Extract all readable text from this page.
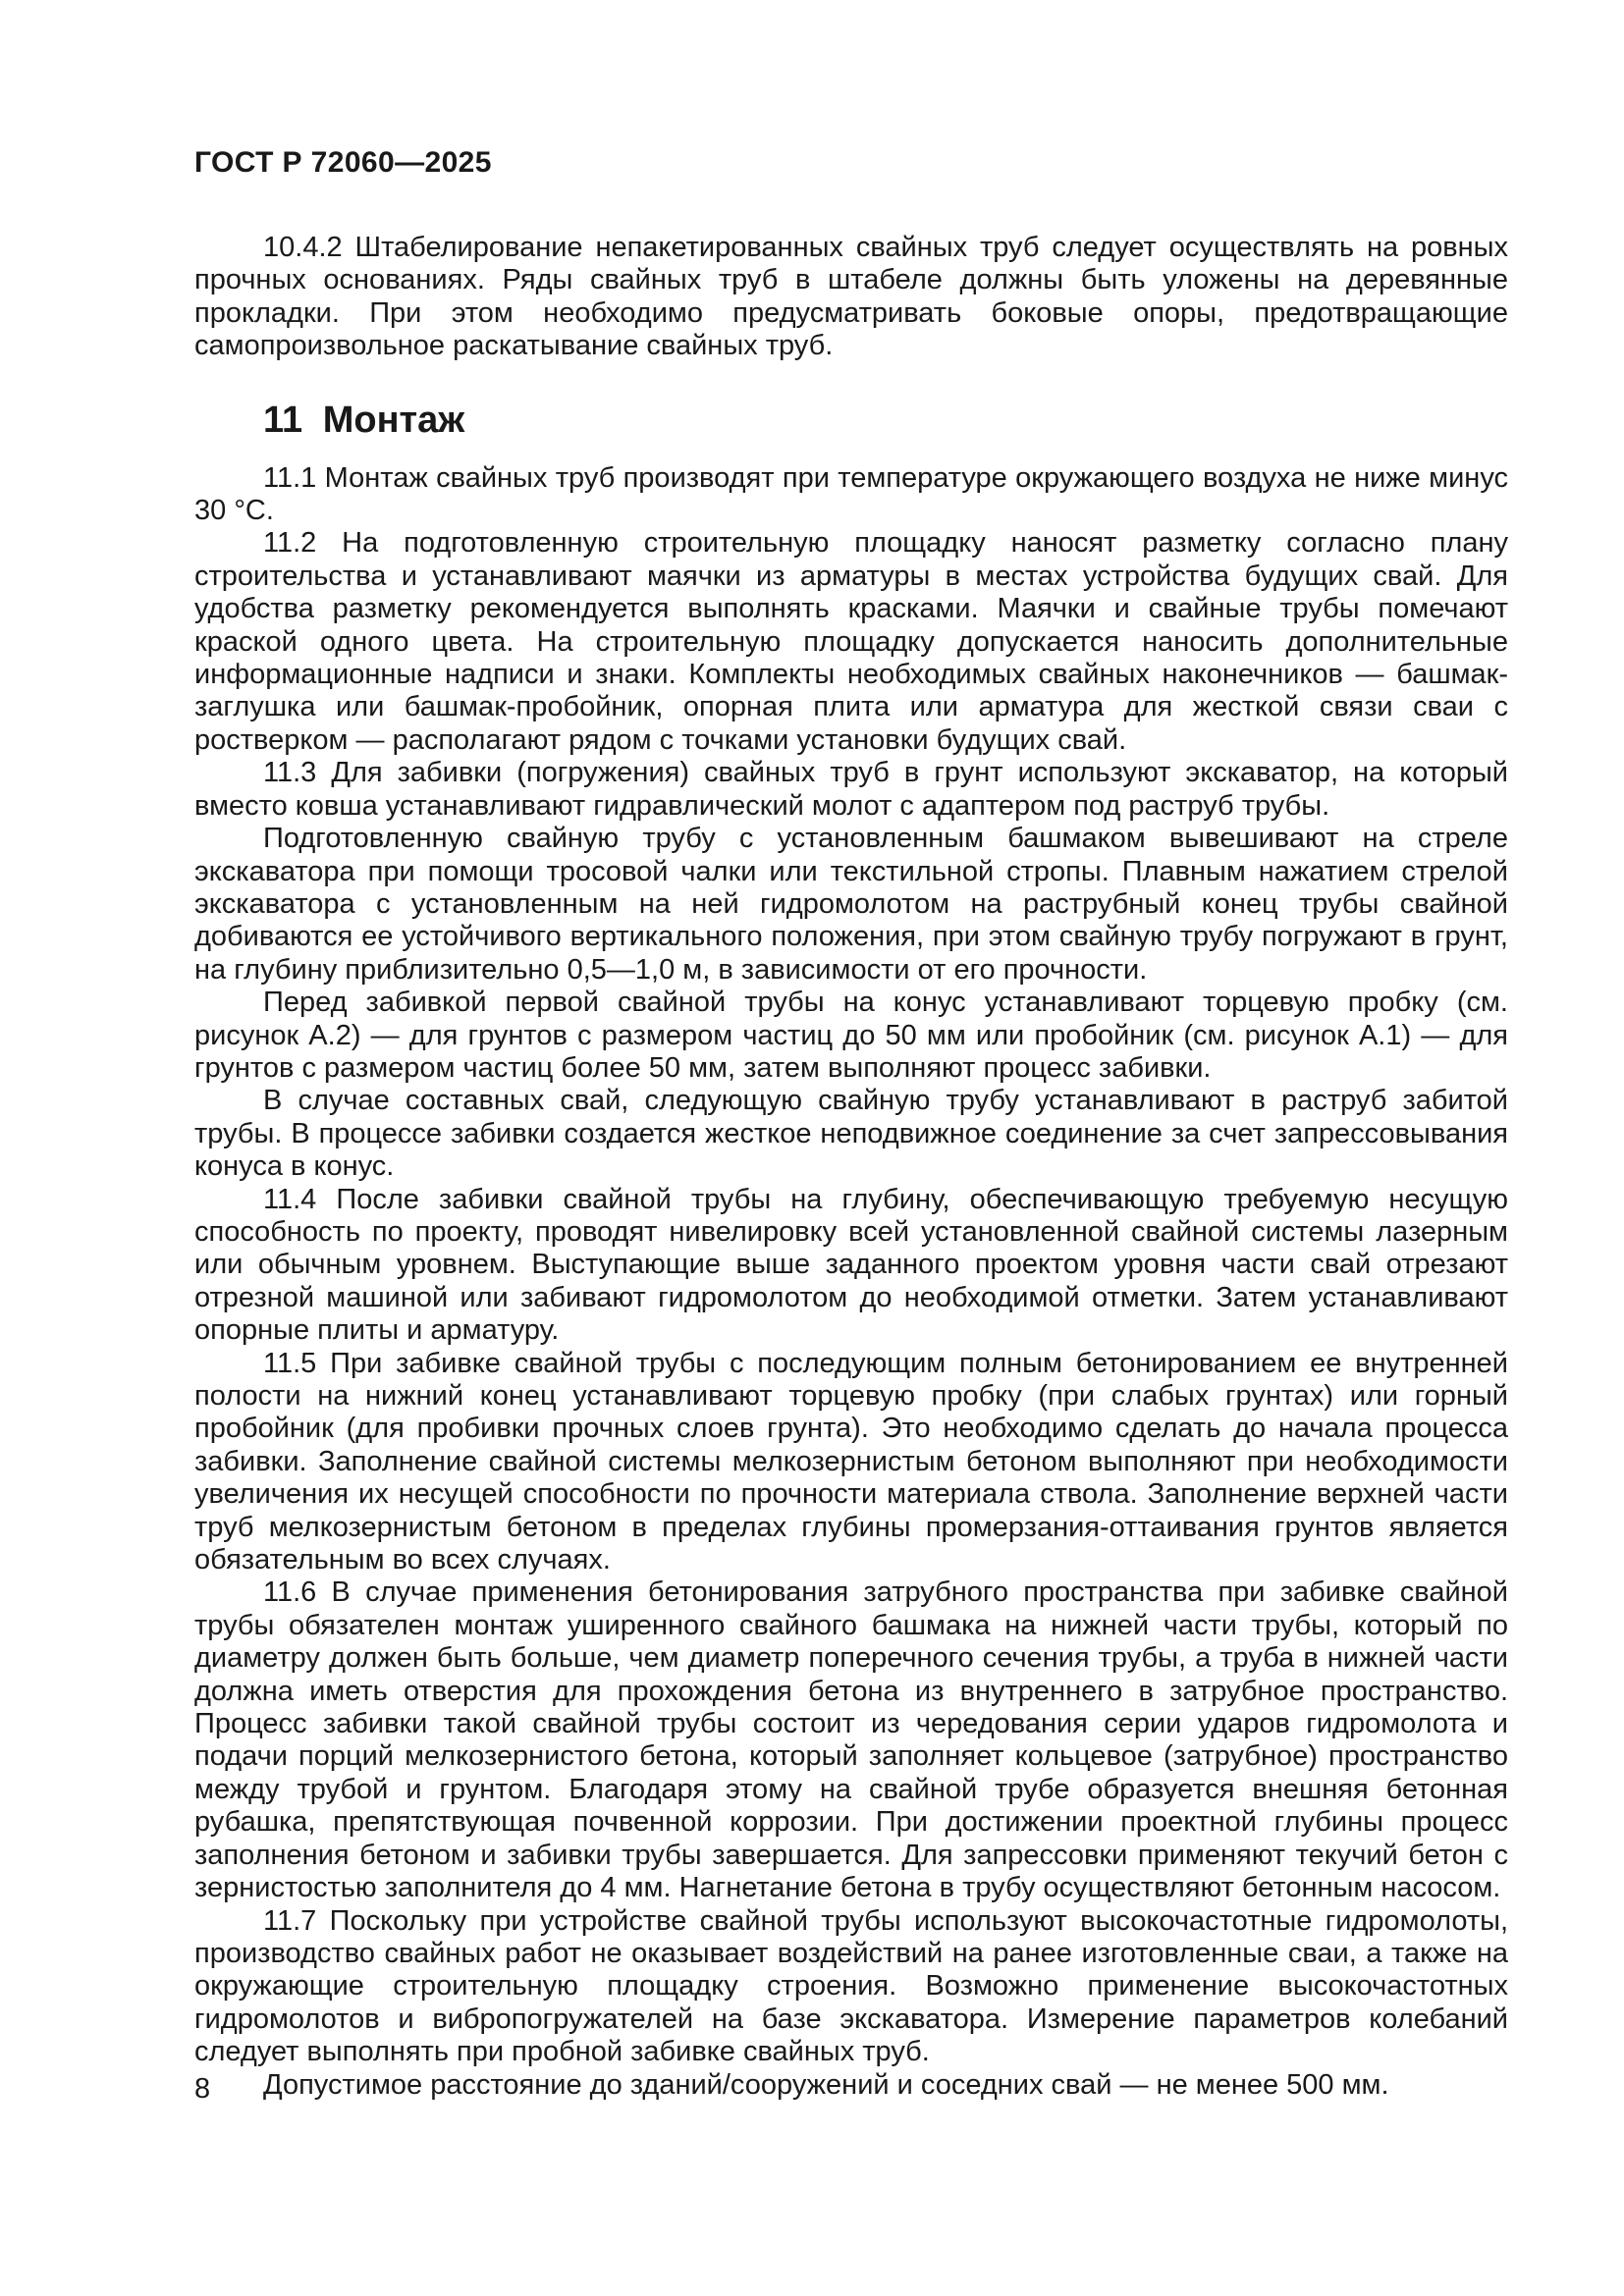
ГОСТ Р 72060—2025

10.4.2 Штабелирование непакетированных свайных труб следует осуществлять на ровных прочных основаниях. Ряды свайных труб в штабеле должны быть уложены на деревянные прокладки. При этом необходимо предусматривать боковые опоры, предотвращающие самопроизвольное раскатывание свайных труб.

11 Монтаж

11.1 Монтаж свайных труб производят при температуре окружающего воздуха не ниже минус 30 °C.

11.2 На подготовленную строительную площадку наносят разметку согласно плану строительства и устанавливают маячки из арматуры в местах устройства будущих свай. Для удобства разметку рекомендуется выполнять красками. Маячки и свайные трубы помечают краской одного цвета. На строительную площадку допускается наносить дополнительные информационные надписи и знаки. Комплекты необходимых свайных наконечников — башмак-заглушка или башмак-пробойник, опорная плита или арматура для жесткой связи сваи с ростверком — располагают рядом с точками установки будущих свай.

11.3 Для забивки (погружения) свайных труб в грунт используют экскаватор, на который вместо ковша устанавливают гидравлический молот с адаптером под раструб трубы.

Подготовленную свайную трубу с установленным башмаком вывешивают на стреле экскаватора при помощи тросовой чалки или текстильной стропы. Плавным нажатием стрелой экскаватора с установленным на ней гидромолотом на раструбный конец трубы свайной добиваются ее устойчивого вертикального положения, при этом свайную трубу погружают в грунт, на глубину приблизительно 0,5—1,0 м, в зависимости от его прочности.

Перед забивкой первой свайной трубы на конус устанавливают торцевую пробку (см. рисунок А.2) — для грунтов с размером частиц до 50 мм или пробойник (см. рисунок А.1) — для грунтов с размером частиц более 50 мм, затем выполняют процесс забивки.

В случае составных свай, следующую свайную трубу устанавливают в раструб забитой трубы. В процессе забивки создается жесткое неподвижное соединение за счет запрессовывания конуса в конус.

11.4 После забивки свайной трубы на глубину, обеспечивающую требуемую несущую способность по проекту, проводят нивелировку всей установленной свайной системы лазерным или обычным уровнем. Выступающие выше заданного проектом уровня части свай отрезают отрезной машиной или забивают гидромолотом до необходимой отметки. Затем устанавливают опорные плиты и арматуру.

11.5 При забивке свайной трубы с последующим полным бетонированием ее внутренней полости на нижний конец устанавливают торцевую пробку (при слабых грунтах) или горный пробойник (для пробивки прочных слоев грунта). Это необходимо сделать до начала процесса забивки. Заполнение свайной системы мелкозернистым бетоном выполняют при необходимости увеличения их несущей способности по прочности материала ствола. Заполнение верхней части труб мелкозернистым бетоном в пределах глубины промерзания-оттаивания грунтов является обязательным во всех случаях.

11.6 В случае применения бетонирования затрубного пространства при забивке свайной трубы обязателен монтаж уширенного свайного башмака на нижней части трубы, который по диаметру должен быть больше, чем диаметр поперечного сечения трубы, а труба в нижней части должна иметь отверстия для прохождения бетона из внутреннего в затрубное пространство. Процесс забивки такой свайной трубы состоит из чередования серии ударов гидромолота и подачи порций мелкозернистого бетона, который заполняет кольцевое (затрубное) пространство между трубой и грунтом. Благодаря этому на свайной трубе образуется внешняя бетонная рубашка, препятствующая почвенной коррозии. При достижении проектной глубины процесс заполнения бетоном и забивки трубы завершается. Для запрессовки применяют текучий бетон с зернистостью заполнителя до 4 мм. Нагнетание бетона в трубу осуществляют бетонным насосом.

11.7 Поскольку при устройстве свайной трубы используют высокочастотные гидромолоты, производство свайных работ не оказывает воздействий на ранее изготовленные сваи, а также на окружающие строительную площадку строения. Возможно применение высокочастотных гидромолотов и вибропогружателей на базе экскаватора. Измерение параметров колебаний следует выполнять при пробной забивке свайных труб.

Допустимое расстояние до зданий/сооружений и соседних свай — не менее 500 мм.

8
